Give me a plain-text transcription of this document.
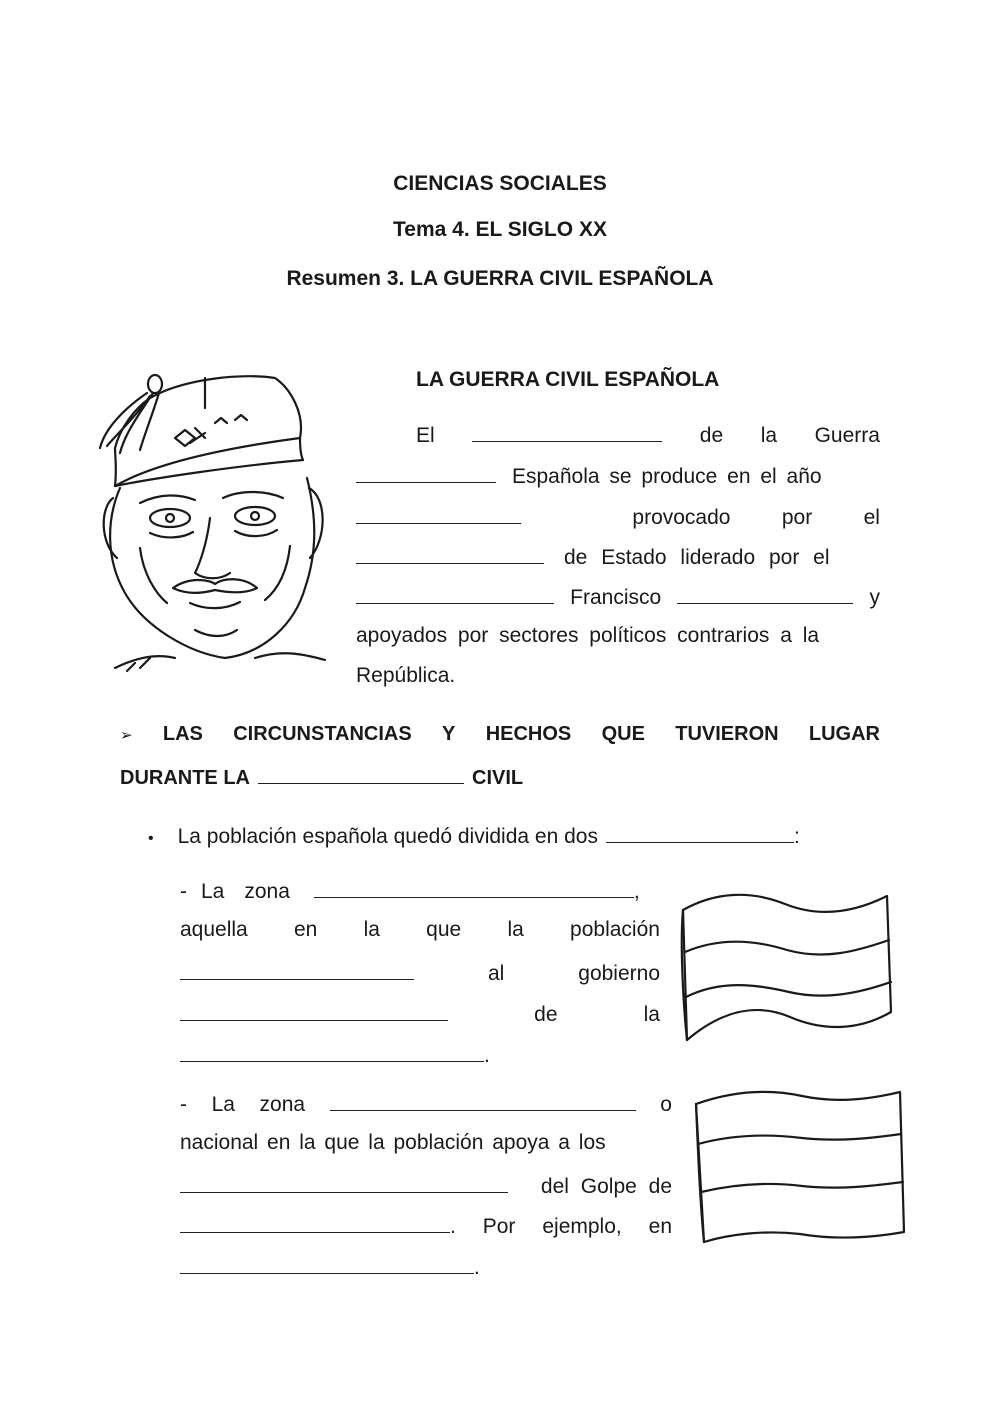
CIENCIAS SOCIALES
Tema 4. EL SIGLO XX
Resumen 3. LA GUERRA CIVIL ESPAÑOLA
LA GUERRA CIVIL ESPAÑOLA
El	de la Guerra
Española se produce en el año
provocado por el
de Estado liderado por el
Francisco	y
apoyados por sectores políticos contrarios a la
República.
➢ LAS CIRCUNSTANCIAS Y HECHOS QUE TUVIERON LUGAR
DURANTE LA	CIVIL
• La población española quedó dividida en dos	:
- La zona	,
aquella en la que la población
al	gobierno
de	la
.
- La zona	o
nacional en la que la población apoya a los
del Golpe de
. Por ejemplo, en
.
